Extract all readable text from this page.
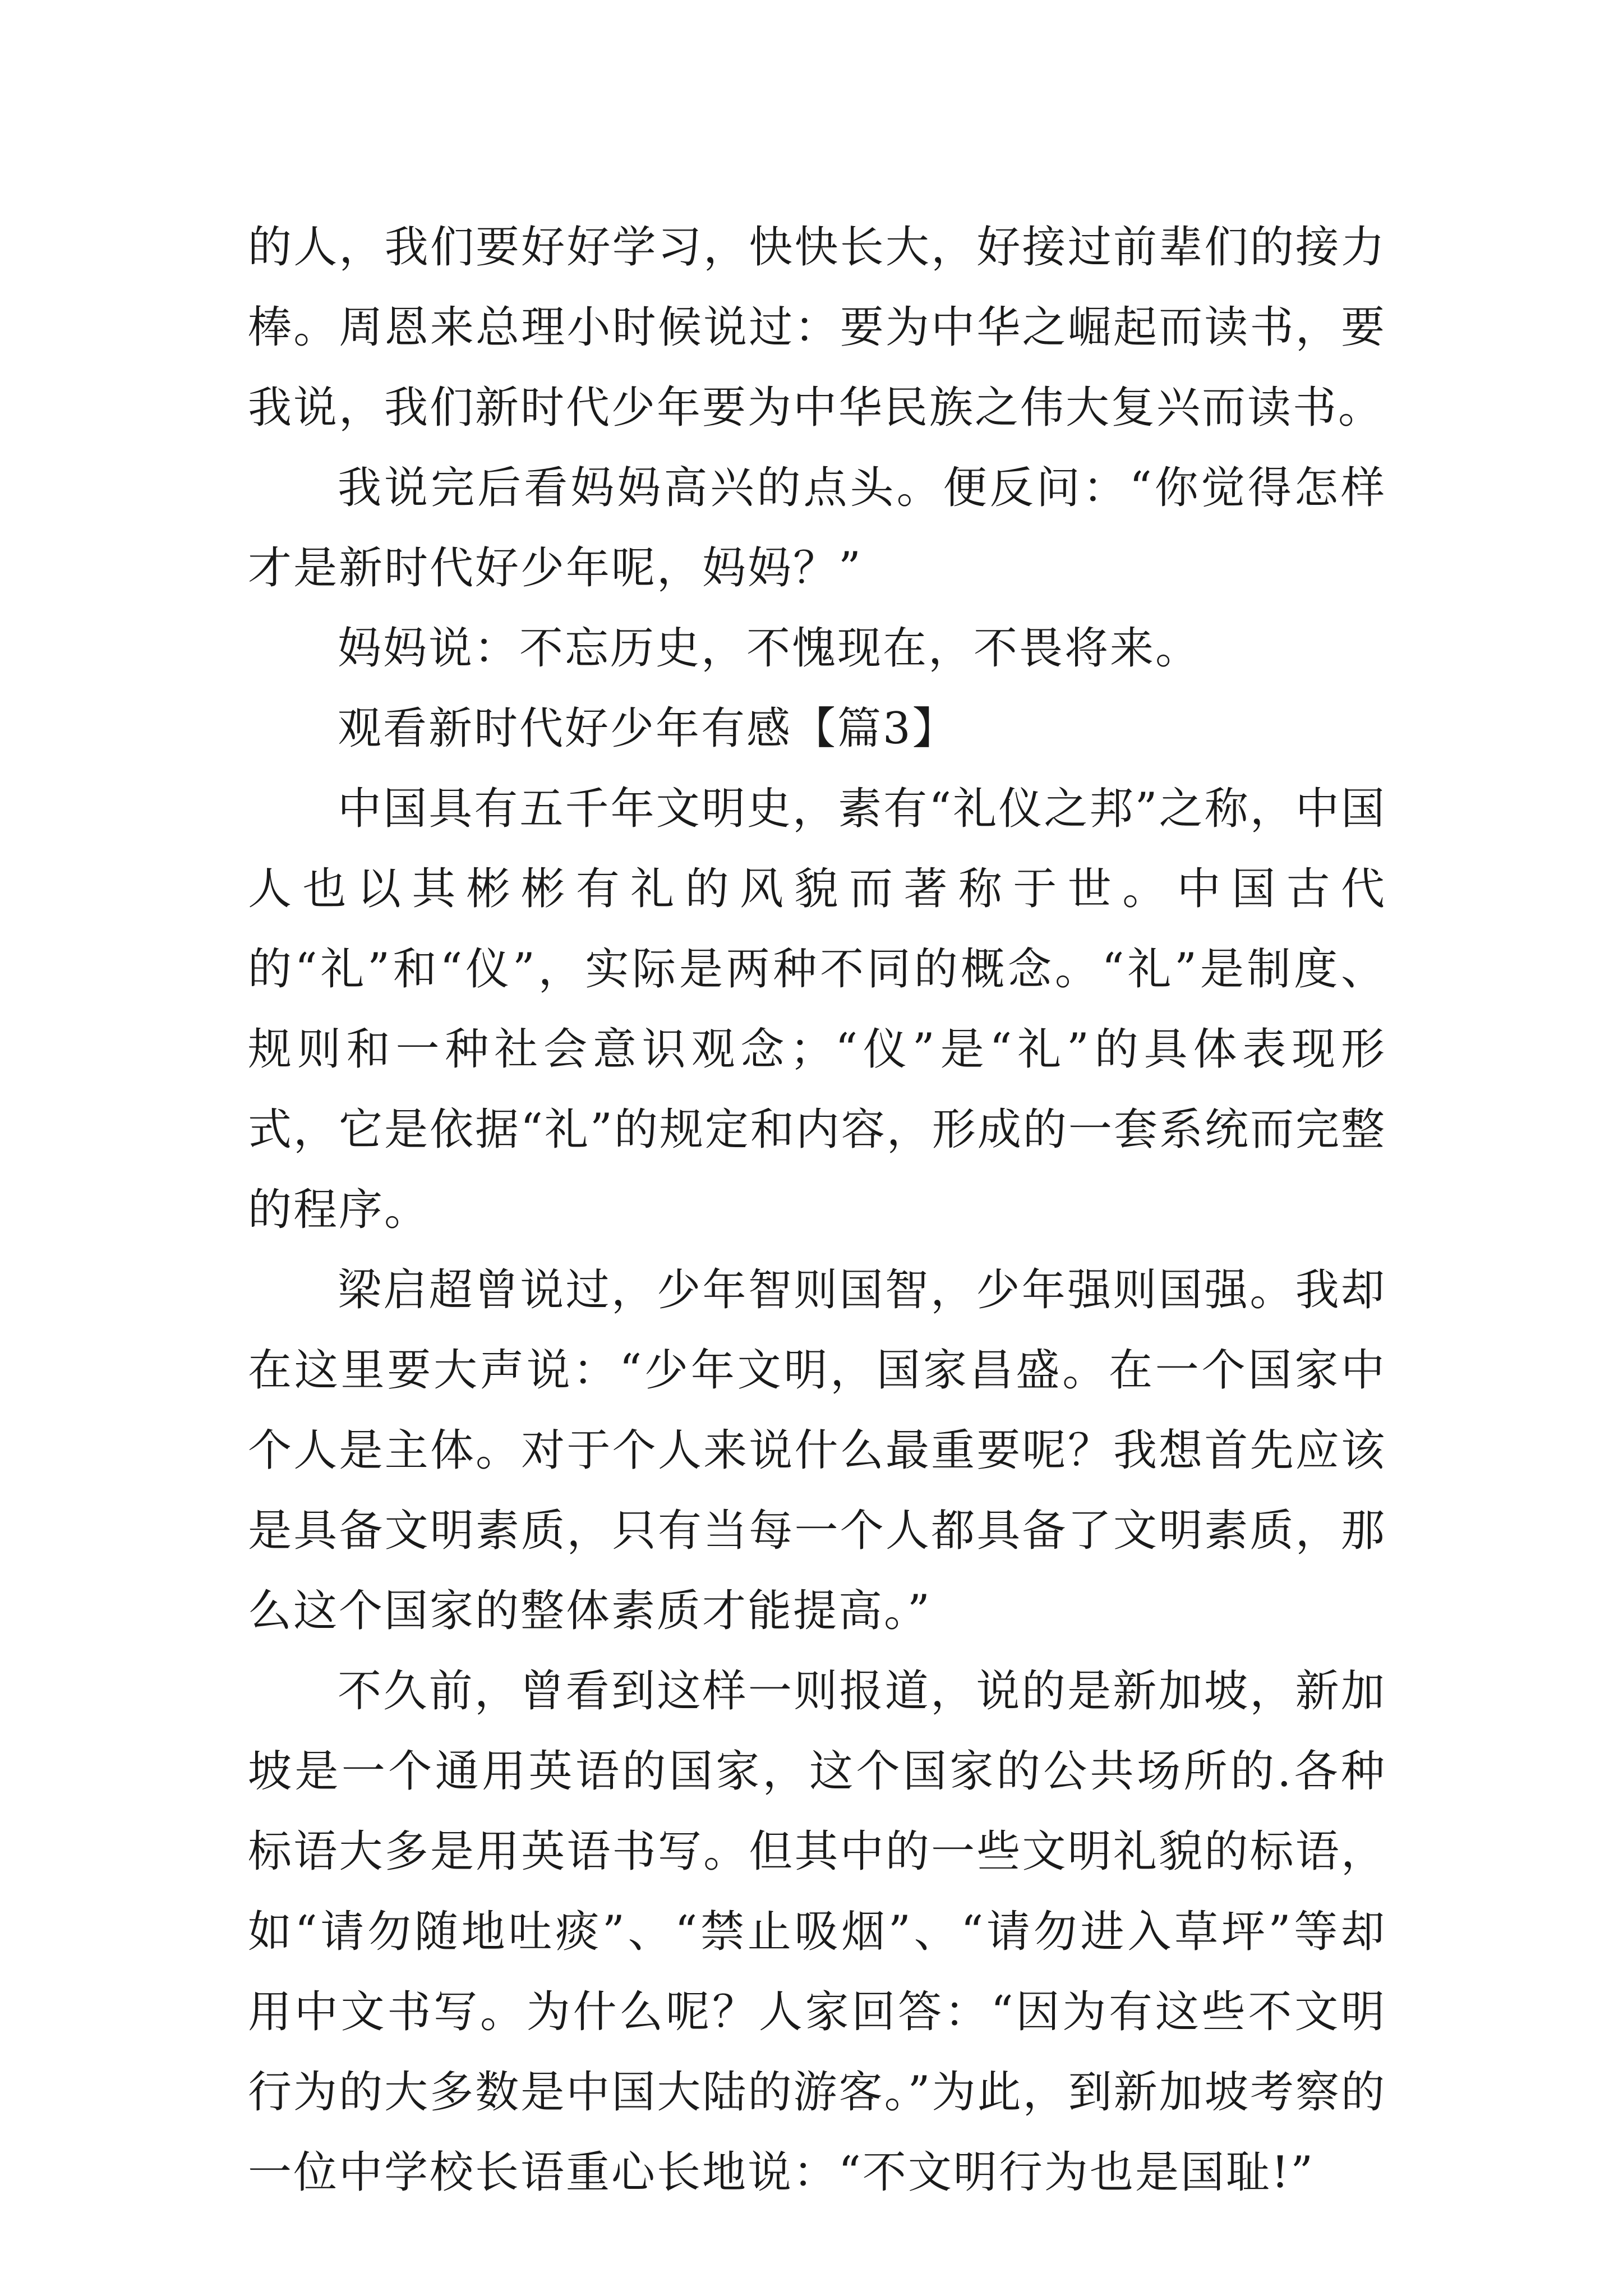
的人，我们要好好学习，快快长大，好接过前辈们的接力棒。周恩来总理小时候说过：要为中华之崛起而读书，要我说，我们新时代少年要为中华民族之伟大复兴而读书。

我说完后看妈妈高兴的点头。便反问：“你觉得怎样才是新时代好少年呢，妈妈？”

妈妈说：不忘历史，不愧现在，不畏将来。

观看新时代好少年有感【篇3】

中国具有五千年文明史，素有“礼仪之邦”之称，中国人也以其彬彬有礼的风貌而著称于世。中国古代的“礼”和“仪”，实际是两种不同的概念。“礼”是制度、规则和一种社会意识观念；“仪”是“礼”的具体表现形式，它是依据“礼”的规定和内容，形成的一套系统而完整的程序。

梁启超曾说过，少年智则国智，少年强则国强。我却在这里要大声说：“少年文明，国家昌盛。在一个国家中个人是主体。对于个人来说什么最重要呢？我想首先应该是具备文明素质，只有当每一个人都具备了文明素质，那么这个国家的整体素质才能提高。”

不久前，曾看到这样一则报道，说的是新加坡，新加坡是一个通用英语的国家，这个国家的公共场所的.各种标语大多是用英语书写。但其中的一些文明礼貌的标语，如“请勿随地吐痰”、“禁止吸烟”、“请勿进入草坪”等却用中文书写。为什么呢？人家回答：“因为有这些不文明行为的大多数是中国大陆的游客。”为此，到新加坡考察的一位中学校长语重心长地说：“不文明行为也是国耻!”
